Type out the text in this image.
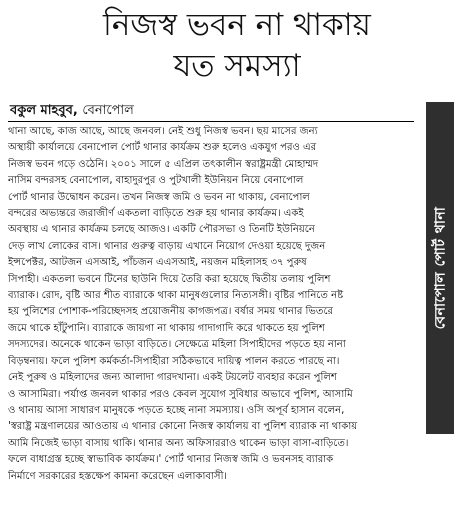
নিজস্ব ভবন না থাকায়
যত সমস্যা
বকুল মাহবুব, বেনাপোল
বেনাপোল পোর্ট থানা
থানা আছে, কাজ আছে, আছে জনবল। নেই শুধু নিজস্ব ভবন। ছয় মাসের জন্য
অস্থায়ী কার্যালয়ে বেনাপোল পোর্ট থানার কার্যক্রম শুরু হলেও একযুগ পরও এর
নিজস্ব ভবন গড়ে ওঠেনি। ২০০১ সালে ৫ এপ্রিল তৎকালীন স্বরাষ্ট্রমন্ত্রী মোহাম্মদ
নাসিম বন্দরসহ বেনাপোল, বাহাদুরপুর ও পুটখালী ইউনিয়ন নিয়ে বেনাপোল
পোর্ট থানার উদ্বোধন করেন। তখন নিজস্ব জমি ও ভবন না থাকায়, বেনাপোল
বন্দরের অভ্যন্তরে জরাজীর্ণ একতলা বাড়িতে শুরু হয় থানার কার্যক্রম। একই
অবস্থায় এ থানার কার্যক্রম চলছে আজও। একটি পৌরসভা ও তিনটি ইউনিয়নে
দেড় লাখ লোকের বাস। থানার গুরুত্ব বাড়ায় এখানে নিয়োগ দেওয়া হয়েছে দুজন
ইন্সপেক্টর, আটজন এসআই, পাঁচজন এএসআই, নয়জন মহিলাসহ ৩৭ পুরুষ
সিপাহী। একতলা ভবনে টিনের ছাউনি দিয়ে তৈরি করা হয়েছে দ্বিতীয় তলায় পুলিশ
ব্যারাক। রোদ, বৃষ্টি আর শীত ব্যারাকে থাকা মানুষগুলোর নিত্যসঙ্গী। বৃষ্টির পানিতে নষ্ট
হয় পুলিশের পোশাক-পরিচ্ছেদসহ প্রয়োজনীয় কাগজপত্র। বর্ষার সময় থানার ভিতরে
জমে থাকে হাঁটুপানি। ব্যারাকে জায়গা না থাকায় গাদাগাদি করে থাকতে হয় পুলিশ
সদস্যদের। অনেকে থাকেন ভাড়া বাড়িতে। সেক্ষেত্রে মহিলা সিপাহীদের পড়তে হয় নানা
বিড়ম্বনায়। ফলে পুলিশ কর্মকর্তা-সিপাহীরা সঠিকভাবে দায়িত্ব পালন করতে পারছে না।
নেই পুরুষ ও মহিলাদের জন্য আলাদা গারদখানা। একই টয়লেট ব্যবহার করেন পুলিশ
ও আসামিরা। পর্যাপ্ত জনবল থাকার পরও কেবল সুযোগ সুবিধার অভাবে পুলিশ, আসামি
ও থানায় আসা সাধারণ মানুষকে পড়তে হচ্ছে নানা সমস্যায়। ওসি অপূর্ব হাসান বলেন,
'স্বরাষ্ট্র মন্ত্রণালয়ের আওতায় এ থানার কোনো নিজস্ব কার্যালয় বা পুলিশ ব্যারাক না থাকায়
আমি নিজেই ভাড়া বাসায় থাকি। থানার অন্য অফিসাররাও থাকেন ভাড়া বাসা-বাড়িতে।
ফলে বাধাগ্রস্ত হচ্ছে স্বাভাবিক কার্যক্রম।' পোর্ট থানার নিজস্ব জমি ও ভবনসহ ব্যারাক
নির্মাণে সরকারের হস্তক্ষেপ কামনা করেছেন এলাকাবাসী।
